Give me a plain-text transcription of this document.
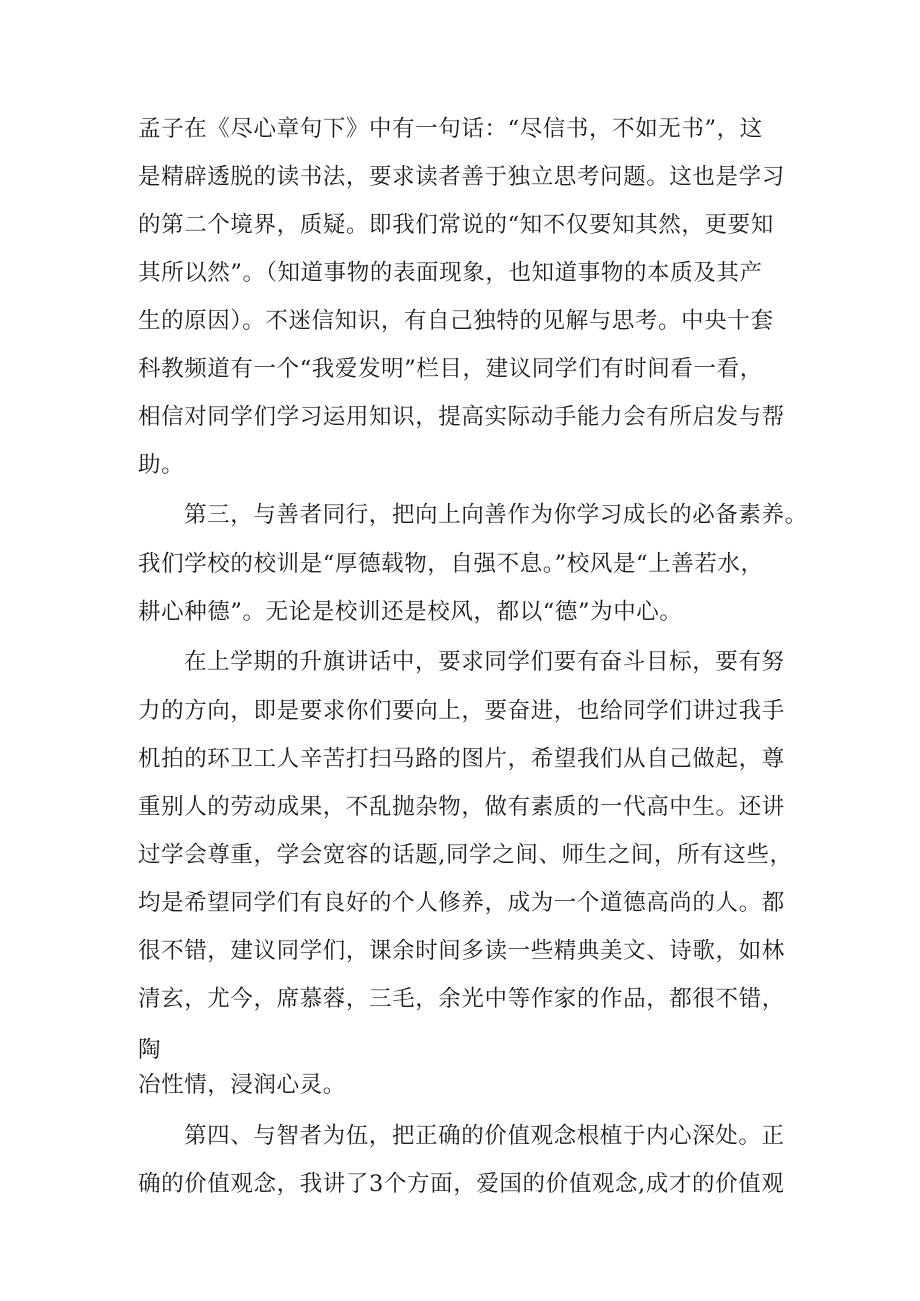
孟子在《尽心章句下》中有一句话：“尽信书，不如无书”，这
是精辟透脱的读书法，要求读者善于独立思考问题。这也是学习
的第二个境界，质疑。即我们常说的“知不仅要知其然，更要知
其所以然”。（知道事物的表面现象，也知道事物的本质及其产
生的原因）。不迷信知识，有自己独特的见解与思考。中央十套
科教频道有一个“我爱发明”栏目，建议同学们有时间看一看，
相信对同学们学习运用知识，提高实际动手能力会有所启发与帮
助。
第三，与善者同行，把向上向善作为你学习成长的必备素养。
我们学校的校训是“厚德载物，自强不息。”校风是“上善若水，
耕心种德”。无论是校训还是校风，都以“德”为中心。
在上学期的升旗讲话中，要求同学们要有奋斗目标，要有努
力的方向，即是要求你们要向上，要奋进，也给同学们讲过我手
机拍的环卫工人辛苦打扫马路的图片，希望我们从自己做起，尊
重别人的劳动成果，不乱抛杂物，做有素质的一代高中生。还讲
过学会尊重，学会宽容的话题,同学之间、师生之间，所有这些，
均是希望同学们有良好的个人修养，成为一个道德高尚的人。都
很不错，建议同学们，课余时间多读一些精典美文、诗歌，如林
清玄，尤今，席慕蓉，三毛，余光中等作家的作品，都很不错，
陶
冶性情，浸润心灵。
第四、与智者为伍，把正确的价值观念根植于内心深处。正
确的价值观念，我讲了3个方面，爱国的价值观念,成才的价值观
